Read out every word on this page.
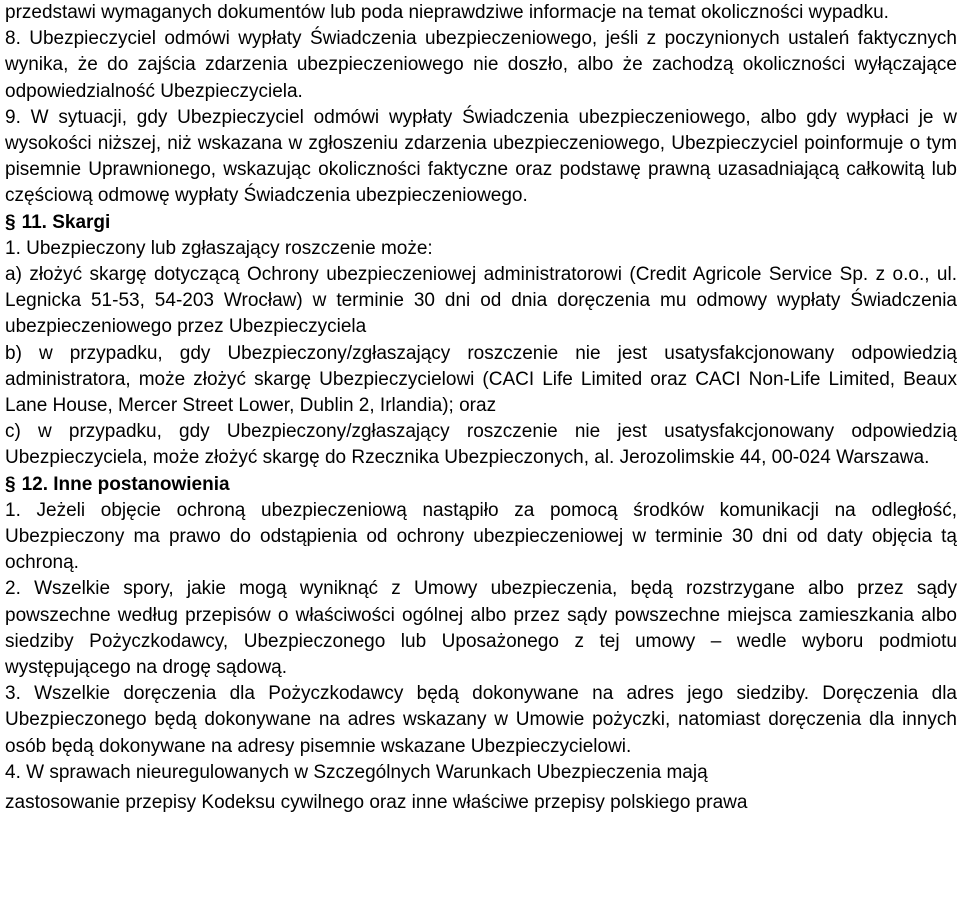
przedstawi wymaganych dokumentów lub poda nieprawdziwe informacje na temat okoliczności wypadku.

8. Ubezpieczyciel odmówi wypłaty Świadczenia ubezpieczeniowego, jeśli z poczynionych ustaleń faktycznych wynika, że do zajścia zdarzenia ubezpieczeniowego nie doszło, albo że zachodzą okoliczności wyłączające odpowiedzialność Ubezpieczyciela.

9. W sytuacji, gdy Ubezpieczyciel odmówi wypłaty Świadczenia ubezpieczeniowego, albo gdy wypłaci je w wysokości niższej, niż wskazana w zgłoszeniu zdarzenia ubezpieczeniowego, Ubezpieczyciel poinformuje o tym pisemnie Uprawnionego, wskazując okoliczności faktyczne oraz podstawę prawną uzasadniającą całkowitą lub częściową odmowę wypłaty Świadczenia ubezpieczeniowego.

§ 11. Skargi

1. Ubezpieczony lub zgłaszający roszczenie może:

a) złożyć skargę dotyczącą Ochrony ubezpieczeniowej administratorowi (Credit Agricole Service Sp. z o.o., ul. Legnicka 51-53, 54-203 Wrocław) w terminie 30 dni od dnia doręczenia mu odmowy wypłaty Świadczenia ubezpieczeniowego przez Ubezpieczyciela

b) w przypadku, gdy Ubezpieczony/zgłaszający roszczenie nie jest usatysfakcjonowany odpowiedzią administratora, może złożyć skargę Ubezpieczycielowi (CACI Life Limited oraz CACI Non-Life Limited, Beaux Lane House, Mercer Street Lower, Dublin 2, Irlandia); oraz

c) w przypadku, gdy Ubezpieczony/zgłaszający roszczenie nie jest usatysfakcjonowany odpowiedzią Ubezpieczyciela, może złożyć skargę do Rzecznika Ubezpieczonych, al. Jerozolimskie 44, 00-024 Warszawa.

§ 12. Inne postanowienia

1. Jeżeli objęcie ochroną ubezpieczeniową nastąpiło za pomocą środków komunikacji na odległość, Ubezpieczony ma prawo do odstąpienia od ochrony ubezpieczeniowej w terminie 30 dni od daty objęcia tą ochroną.

2. Wszelkie spory, jakie mogą wyniknąć z Umowy ubezpieczenia, będą rozstrzygane albo przez sądy powszechne według przepisów o właściwości ogólnej albo przez sądy powszechne miejsca zamieszkania albo siedziby Pożyczkodawcy, Ubezpieczonego lub Uposażonego z tej umowy – wedle wyboru podmiotu występującego na drogę sądową.

3. Wszelkie doręczenia dla Pożyczkodawcy będą dokonywane na adres jego siedziby. Doręczenia dla Ubezpieczonego będą dokonywane na adres wskazany w Umowie pożyczki, natomiast doręczenia dla innych osób będą dokonywane na adresy pisemnie wskazane Ubezpieczycielowi.

4. W sprawach nieuregulowanych w Szczególnych Warunkach Ubezpieczenia mają

zastosowanie przepisy Kodeksu cywilnego oraz inne właściwe przepisy polskiego prawa
